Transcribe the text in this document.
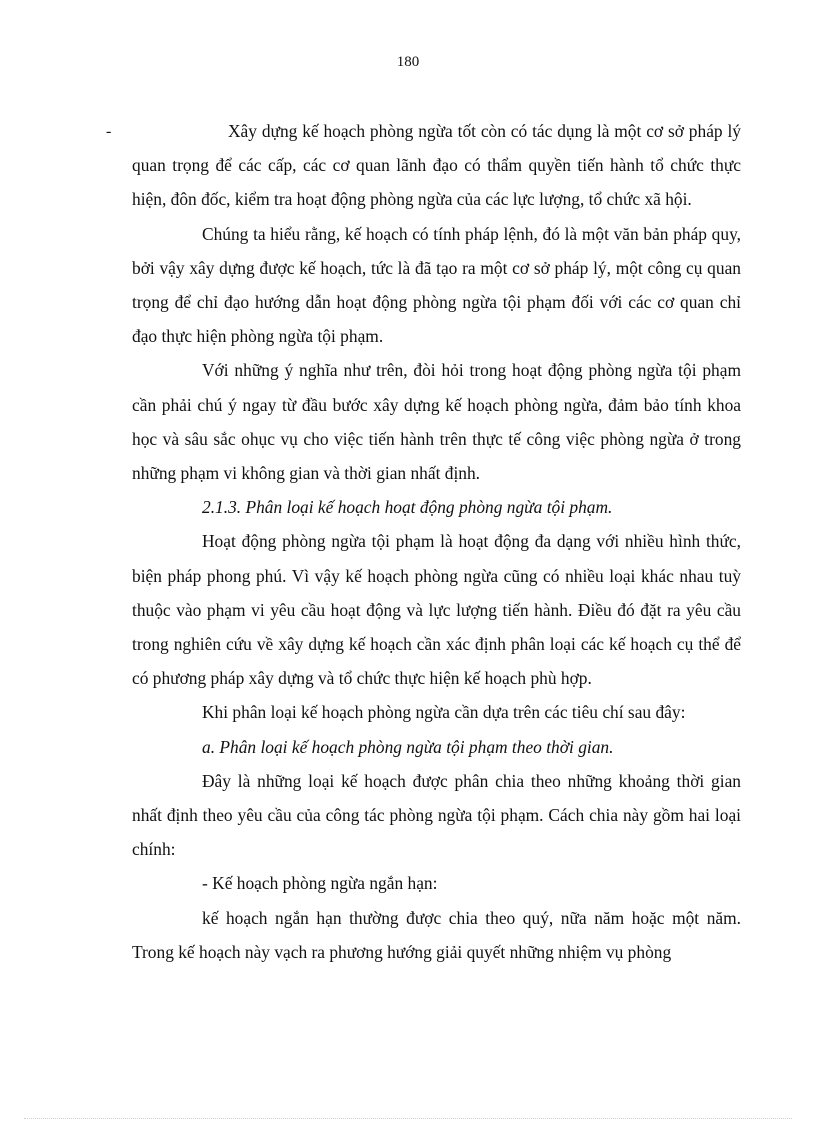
180
-	Xây dựng kế hoạch phòng ngừa tốt còn có tác dụng là một cơ sở pháp lý quan trọng để các cấp, các cơ quan lãnh đạo có thẩm quyền tiến hành tổ chức thực hiện, đôn đốc, kiểm tra hoạt động phòng ngừa của các lực lượng, tổ chức xã hội.

Chúng ta hiểu rằng, kế hoạch có tính pháp lệnh, đó là một văn bản pháp quy, bởi vậy xây dựng được kế hoạch, tức là đã tạo ra một cơ sở pháp lý, một công cụ quan trọng để chỉ đạo hướng dẫn hoạt động phòng ngừa tội phạm đối với các cơ quan chỉ đạo thực hiện phòng ngừa tội phạm.

Với những ý nghĩa như trên, đòi hỏi trong hoạt động phòng ngừa tội phạm cần phải chú ý ngay từ đầu bước xây dựng kế hoạch phòng ngừa, đảm bảo tính khoa học và sâu sắc ohục vụ cho việc tiến hành trên thực tế công việc phòng ngừa ở trong những phạm vi không gian và thời gian nhất định.

2.1.3. Phân loại kế hoạch hoạt động phòng ngừa tội phạm.

Hoạt động phòng ngừa tội phạm là hoạt động đa dạng với nhiều hình thức, biện pháp phong phú. Vì vậy kế hoạch phòng ngừa cũng có nhiều loại khác nhau tuỳ thuộc vào phạm vi yêu cầu hoạt động và lực lượng tiến hành. Điều đó đặt ra yêu cầu trong nghiên cứu về xây dựng kế hoạch cần xác định phân loại các kế hoạch cụ thể để có phương pháp xây dựng và tổ chức thực hiện kế hoạch phù hợp.

Khi phân loại kế hoạch phòng ngừa cần dựa trên các tiêu chí sau đây:

a. Phân loại kế hoạch phòng ngừa tội phạm theo thời gian.

Đây là những loại kế hoạch được phân chia theo những khoảng thời gian nhất định theo yêu cầu của công tác phòng ngừa tội phạm. Cách chia này gồm hai loại chính:

- Kế hoạch phòng ngừa ngắn hạn:

kế hoạch ngắn hạn thường được chia theo quý, nữa năm hoặc một năm. Trong kế hoạch này vạch ra phương hướng giải quyết những nhiệm vụ phòng
